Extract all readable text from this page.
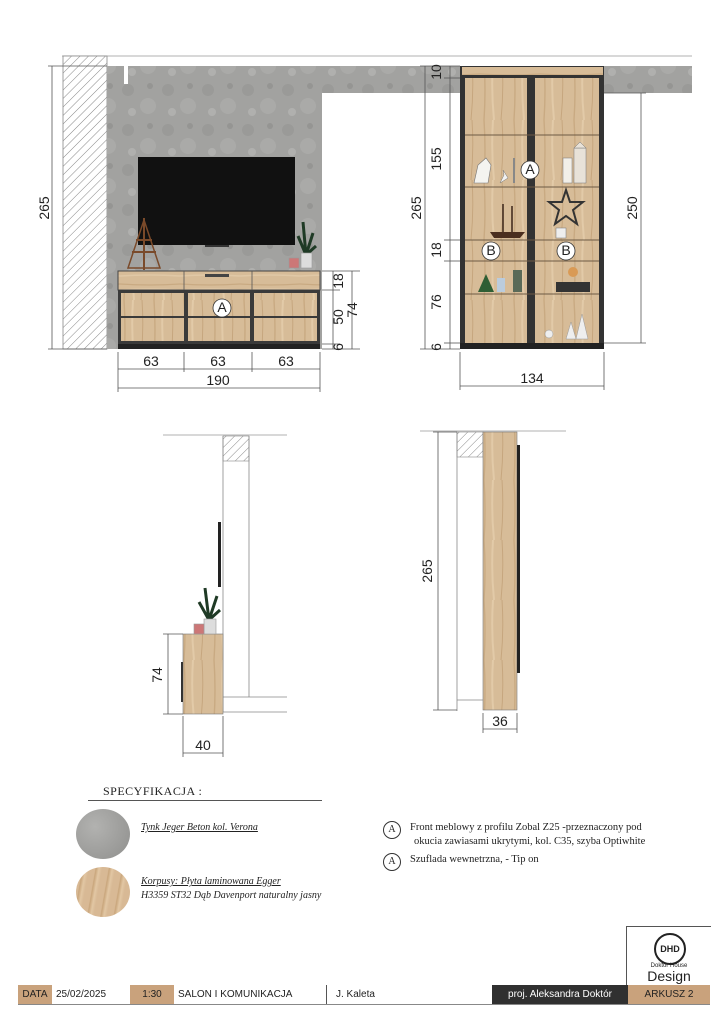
A
265
18
50
6
74
63	63	63
190
A
B	B
10
155
265
18
76
6
250
134
74
40
265
36
SPECYFIKACJA :
Tynk Jeger Beton kol. Verona
Korpusy: Płyta laminowana Egger
H3359 ST32 Dąb Davenport naturalny jasny
A	Front meblowy z profilu Zobal Z25 -przeznaczony pod
okucia zawiasami ukrytymi, kol. C35, szyba Optiwhite
A	Szuflada wewnetrzna, - Tip on
DHD
Doktor House
Design
DATA 25/02/2025	1:30	SALON I KOMUNIKACJA	J. Kaleta	proj. Aleksandra Doktór	ARKUSZ 2
